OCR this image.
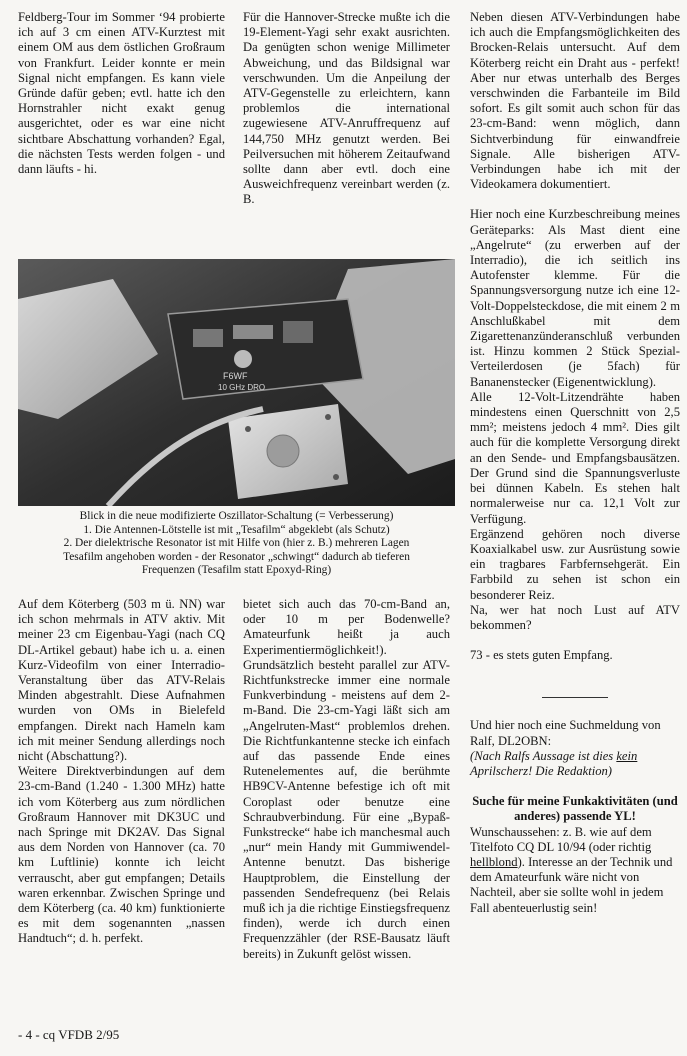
Feldberg-Tour im Sommer ‘94 probierte ich auf 3 cm einen ATV-Kurztest mit einem OM aus dem östlichen Großraum von Frankfurt. Leider konnte er mein Signal nicht empfangen. Es kann viele Gründe dafür geben; evtl. hatte ich den Hornstrahler nicht exakt genug ausgerichtet, oder es war eine nicht sichtbare Abschattung vorhanden? Egal, die nächsten Tests werden folgen - und dann läufts - hi.

Für die Hannover-Strecke mußte ich die 19-Element-Yagi sehr exakt ausrichten. Da genügten schon wenige Millimeter Abweichung, und das Bildsignal war verschwunden. Um die Anpeilung der ATV-Gegenstelle zu erleichtern, kann problemlos die international zugewiesene ATV-Anruffrequenz auf 144,750 MHz genutzt werden. Bei Peilversuchen mit höherem Zeitaufwand sollte dann aber evtl. doch eine Ausweichfrequenz vereinbart werden (z. B.

Neben diesen ATV-Verbindungen habe ich auch die Empfangsmöglichkeiten des Brocken-Relais untersucht. Auf dem Köterberg reicht ein Draht aus - perfekt! Aber nur etwas unterhalb des Berges verschwinden die Farbanteile im Bild sofort. Es gilt somit auch schon für das 23-cm-Band: wenn möglich, dann Sichtverbindung für einwandfreie Signale. Alle bisherigen ATV-Verbindungen habe ich mit der Videokamera dokumentiert.

Hier noch eine Kurzbeschreibung meines Geräteparks: Als Mast dient eine „Angelrute“ (zu erwerben auf der Interradio), die ich seitlich ins Autofenster klemme. Für die Spannungsversorgung nutze ich eine 12-Volt-Doppelsteckdose, die mit einem 2 m Anschlußkabel mit dem Zigarettenanzünderanschluß verbunden ist. Hinzu kommen 2 Stück Spezial-Verteilerdosen (je 5fach) für Bananenstecker (Eigenentwicklung).

Alle 12-Volt-Litzendrähte haben mindestens einen Querschnitt von 2,5 mm²; meistens jedoch 4 mm². Dies gilt auch für die komplette Versorgung direkt an den Sende- und Empfangsbausätzen. Der Grund sind die Spannungsverluste bei dünnen Kabeln. Es stehen halt normalerweise nur ca. 12,1 Volt zur Verfügung.

Ergänzend gehören noch diverse Koaxialkabel usw. zur Ausrüstung sowie ein tragbares Farbfernsehgerät. Ein Farbbild zu sehen ist schon ein besonderer Reiz.

Na, wer hat noch Lust auf ATV bekommen?

73 - es stets guten Empfang.

Und hier noch eine Suchmeldung von Ralf, DL2OBN:

(Nach Ralfs Aussage ist dies kein Aprilscherz! Die Redaktion)

Suche für meine Funkaktivitäten (und anderes) passende YL!

Wunschaussehen: z. B. wie auf dem Titelfoto CQ DL 10/94 (oder richtig hellblond). Interesse an der Technik und dem Amateurfunk wäre nicht von Nachteil, aber sie sollte wohl in jedem Fall abenteuerlustig sein!

F6WF
10 GHz DRO
Blick in die neue modifizierte Oszillator-Schaltung (= Verbesserung)
1. Die Antennen-Lötstelle ist mit „Tesafilm“ abgeklebt (als Schutz)
2. Der dielektrische Resonator ist mit Hilfe von (hier z. B.) mehreren Lagen
Tesafilm angehoben worden - der Resonator „schwingt“ dadurch ab tieferen
Frequenzen (Tesafilm statt Epoxyd-Ring)

Auf dem Köterberg (503 m ü. NN) war ich schon mehrmals in ATV aktiv. Mit meiner 23 cm Eigenbau-Yagi (nach CQ DL-Artikel gebaut) habe ich u. a. einen Kurz-Videofilm von einer Interradio-Veranstaltung über das ATV-Relais Minden abgestrahlt. Diese Aufnahmen wurden von OMs in Bielefeld empfangen. Direkt nach Hameln kam ich mit meiner Sendung allerdings noch nicht (Abschattung?).

Weitere Direktverbindungen auf dem 23-cm-Band (1.240 - 1.300 MHz) hatte ich vom Köterberg aus zum nördlichen Großraum Hannover mit DK3UC und nach Springe mit DK2AV. Das Signal aus dem Norden von Hannover (ca. 70 km Luftlinie) konnte ich leicht verrauscht, aber gut empfangen; Details waren erkennbar. Zwischen Springe und dem Köterberg (ca. 40 km) funktionierte es mit dem sogenannten „nassen Handtuch“; d. h. perfekt.

bietet sich auch das 70-cm-Band an, oder 10 m per Bodenwelle? Amateurfunk heißt ja auch Experimentiermöglichkeit!).

Grundsätzlich besteht parallel zur ATV-Richtfunkstrecke immer eine normale Funkverbindung - meistens auf dem 2-m-Band. Die 23-cm-Yagi läßt sich am „Angelruten-Mast“ problemlos drehen. Die Richtfunkantenne stecke ich einfach auf das passende Ende eines Rutenelementes auf, die berühmte HB9CV-Antenne befestige ich oft mit Coroplast oder benutze eine Schraubverbindung. Für eine „Bypaß-Funkstrecke“ habe ich manchesmal auch „nur“ mein Handy mit Gummiwendel-Antenne benutzt. Das bisherige Hauptproblem, die Einstellung der passenden Sendefrequenz (bei Relais muß ich ja die richtige Einstiegsfrequenz finden), werde ich durch einen Frequenzzähler (der RSE-Bausatz läuft bereits) in Zukunft gelöst wissen.

- 4 - cq VFDB 2/95
